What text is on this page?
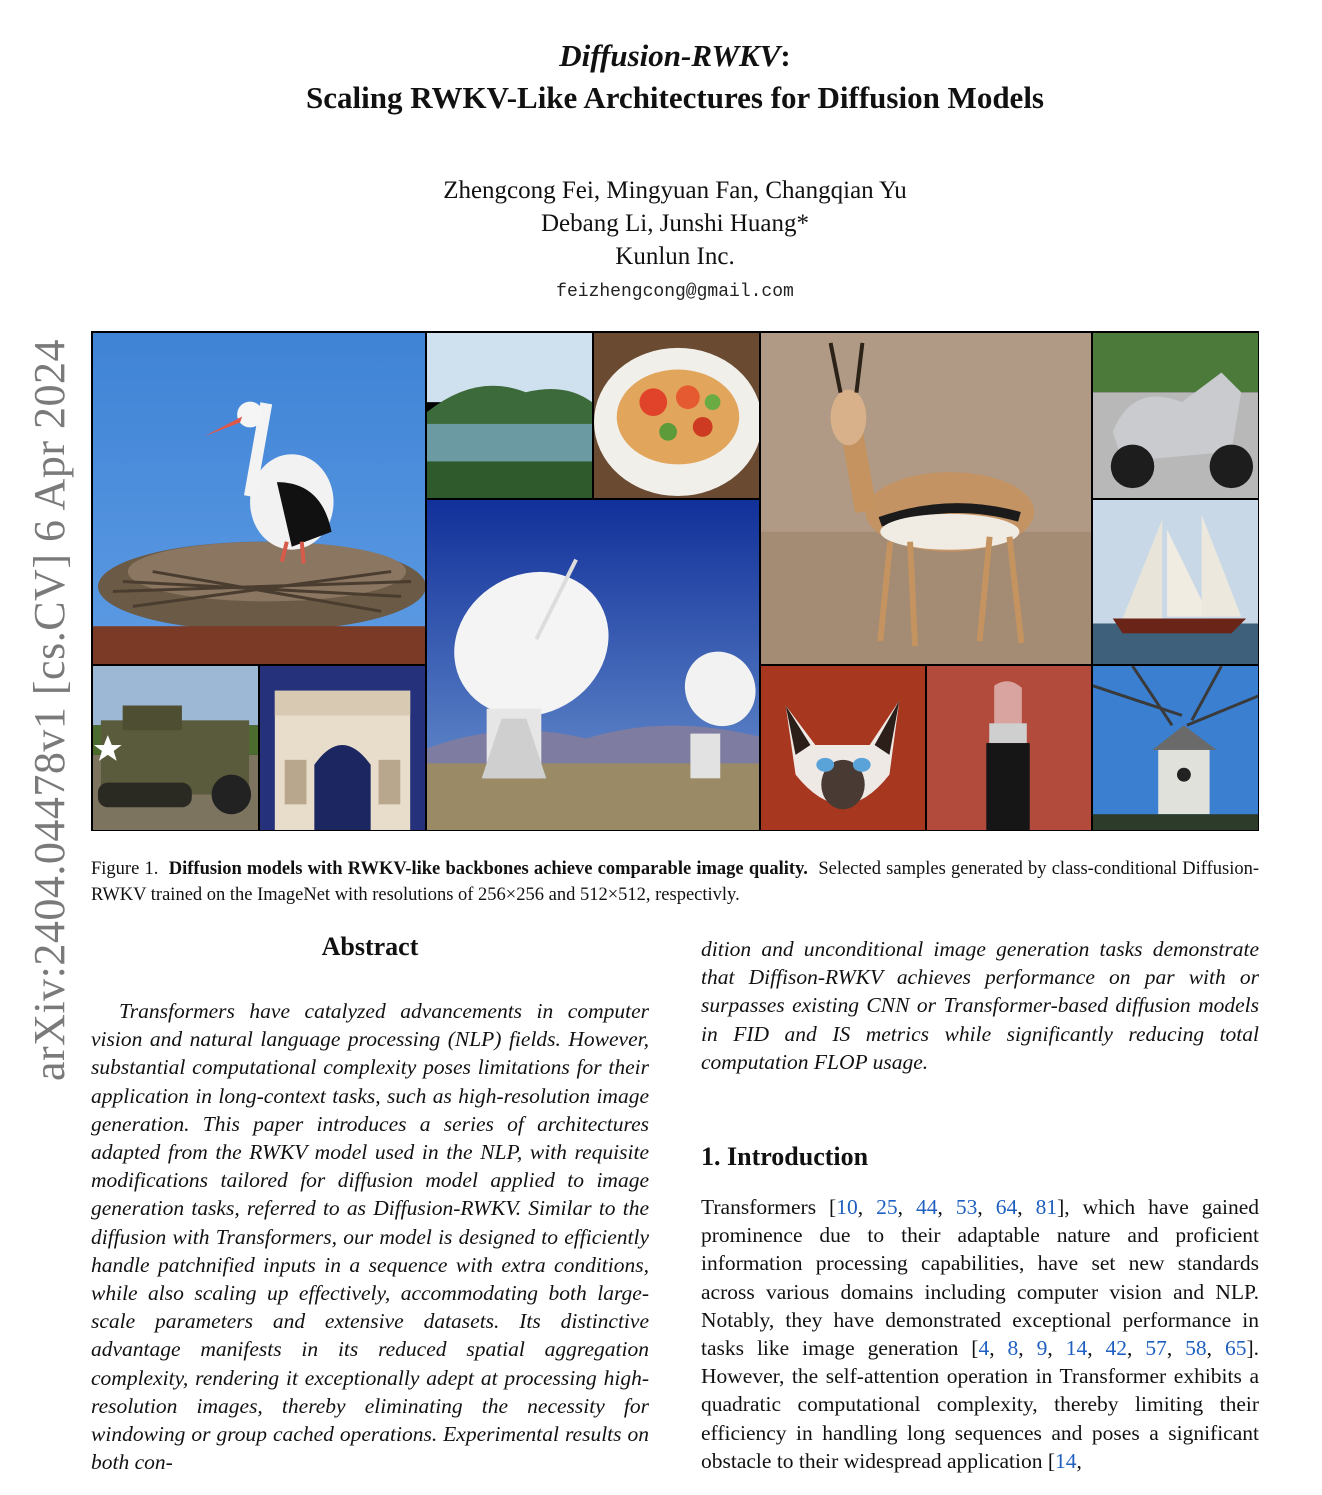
arXiv:2404.04478v1 [cs.CV] 6 Apr 2024
Diffusion-RWKV:
Scaling RWKV-Like Architectures for Diffusion Models
Zhengcong Fei, Mingyuan Fan, Changqian Yu
Debang Li, Junshi Huang*
Kunlun Inc.
feizhengcong@gmail.com
Figure 1. Diffusion models with RWKV-like backbones achieve comparable image quality. Selected samples generated by class-conditional Diffusion-RWKV trained on the ImageNet with resolutions of 256×256 and 512×512, respectivly.
Abstract
Transformers have catalyzed advancements in computer vision and natural language processing (NLP) fields. However, substantial computational complexity poses limitations for their application in long-context tasks, such as high-resolution image generation. This paper introduces a series of architectures adapted from the RWKV model used in the NLP, with requisite modifications tailored for diffusion model applied to image generation tasks, referred to as Diffusion-RWKV. Similar to the diffusion with Transformers, our model is designed to efficiently handle patchnified inputs in a sequence with extra conditions, while also scaling up effectively, accommodating both large-scale parameters and extensive datasets. Its distinctive advantage manifests in its reduced spatial aggregation complexity, rendering it exceptionally adept at processing high-resolution images, thereby eliminating the necessity for windowing or group cached operations. Experimental results on both con-
dition and unconditional image generation tasks demonstrate that Diffison-RWKV achieves performance on par with or surpasses existing CNN or Transformer-based diffusion models in FID and IS metrics while significantly reducing total computation FLOP usage.
1. Introduction
Transformers [10, 25, 44, 53, 64, 81], which have gained prominence due to their adaptable nature and proficient information processing capabilities, have set new standards across various domains including computer vision and NLP. Notably, they have demonstrated exceptional performance in tasks like image generation [4, 8, 9, 14, 42, 57, 58, 65]. However, the self-attention operation in Transformer exhibits a quadratic computational complexity, thereby limiting their efficiency in handling long sequences and poses a significant obstacle to their widespread application [14,
